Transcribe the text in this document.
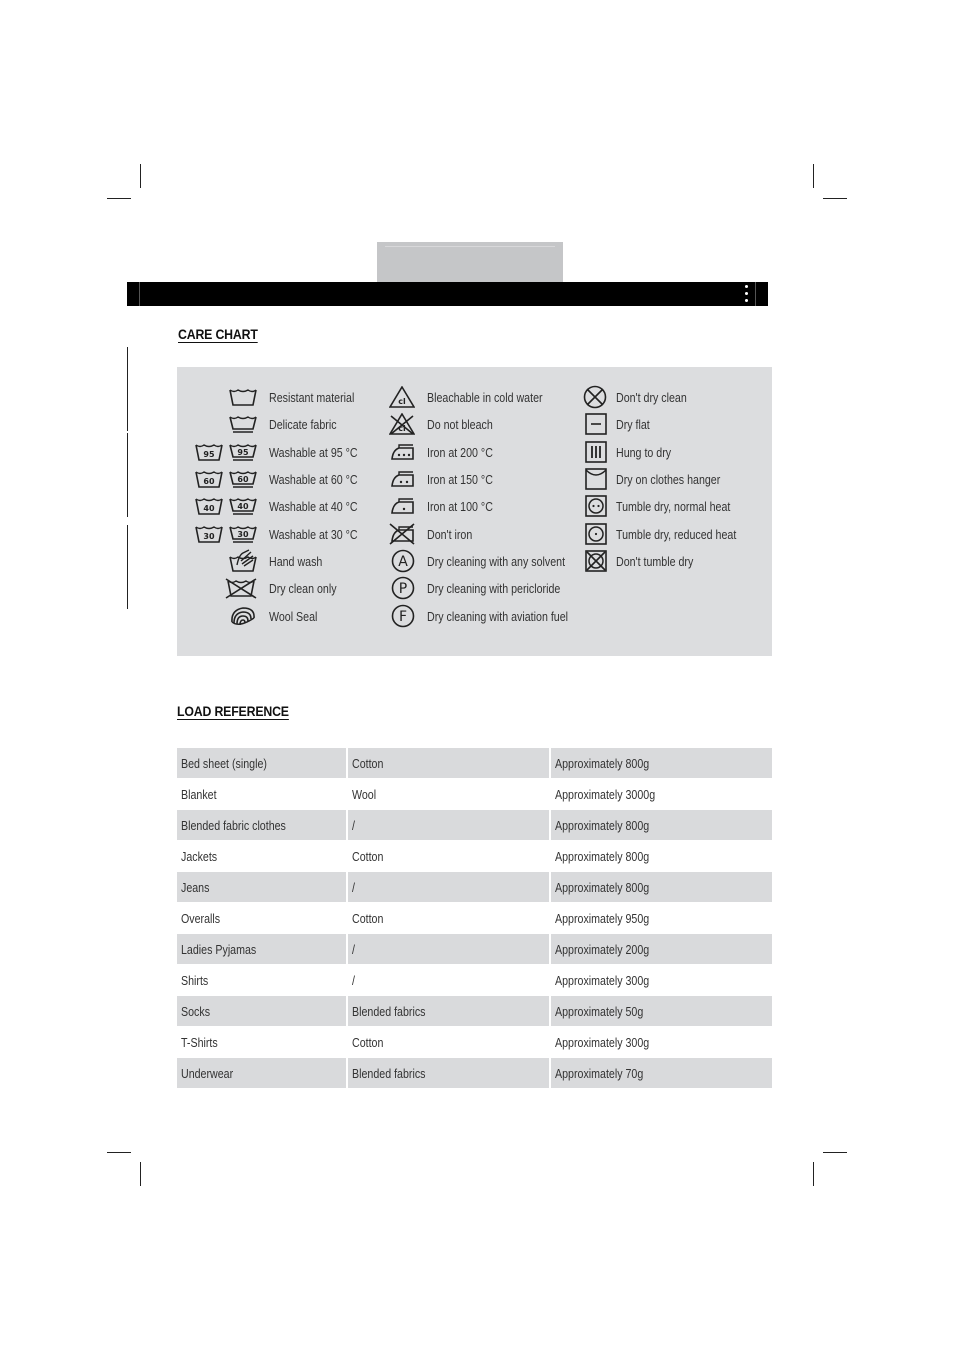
CARE CHART
Resistant material
Delicate fabric
95	95 Washable at 95 °C
60	60 Washable at 60 °C
40	40 Washable at 40 °C
30	30 Washable at 30 °C
Hand wash
Dry clean only
Wool Seal
cl Bleachable in cold water
cl Do not bleach
Iron at 200 °C
Iron at 150 °C
Iron at 100 °C
Don't iron
A Dry cleaning with any solvent
P Dry cleaning with pericloride
F Dry cleaning with aviation fuel
Don't dry clean
Dry flat
Hung to dry
Dry on clothes hanger
Tumble dry, normal heat
Tumble dry, reduced heat
Don't tumble dry
LOAD REFERENCE
Bed sheet (single)	Cotton	Approximately 800g
Blanket	Wool	Approximately 3000g
Blended fabric clothes	/	Approximately 800g
Jackets	Cotton	Approximately 800g
Jeans	/	Approximately 800g
Overalls	Cotton	Approximately 950g
Ladies Pyjamas	/	Approximately 200g
Shirts	/	Approximately 300g
Socks	Blended fabrics	Approximately 50g
T-Shirts	Cotton	Approximately 300g
Underwear	Blended fabrics	Approximately 70g
